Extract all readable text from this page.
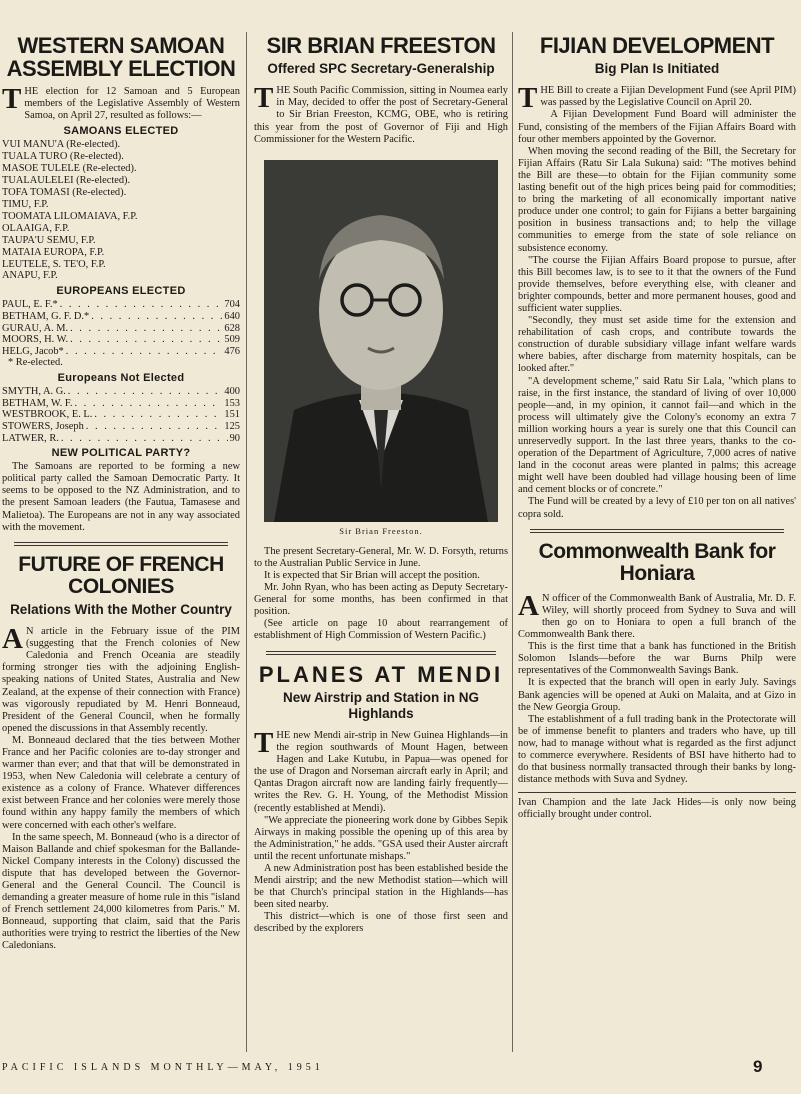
WESTERN SAMOAN ASSEMBLY ELECTION

THE election for 12 Samoan and 5 European members of the Legislative Assembly of Western Samoa, on April 27, resulted as follows:—

SAMOANS ELECTED
VUI MANU'A (Re-elected).
TUALA TURO (Re-elected).
MASOE TULELE (Re-elected).
TUALAULELEI (Re-elected).
TOFA TOMASI (Re-elected).
TIMU, F.P.
TOOMATA LILOMAIAVA, F.P.
OLAAIGA, F.P.
TAUPA'U SEMU, F.P.
MATAIA EUROPA, F.P.
LEUTELE, S. TE'O, F.P.
ANAPU, F.P.
EUROPEANS ELECTED
PAUL, E. F.* . . .	704
BETHAM, G. F. D.* . . .	640
GURAU, A. M. . . .	628
MOORS, H. W. . . .	509
HELG, Jacob* . . .	476
* Re-elected.
Europeans Not Elected
SMYTH, A. G. . . .	400
BETHAM, W. F. . . .	153
WESTBROOK, E. L. . . .	151
STOWERS, Joseph . . .	125
LATWER, R. . . .	90
NEW POLITICAL PARTY?

The Samoans are reported to be forming a new political party called the Samoan Democratic Party. It seems to be opposed to the NZ Administration, and to the present Samoan leaders (the Fautua, Tamasese and Malietoa). The Europeans are not in any way associated with the movement.

FUTURE OF FRENCH COLONIES
Relations With the Mother Country

A N article in the February issue of the PIM (suggesting that the French colonies of New Caledonia and French Oceania are steadily forming stronger ties with the adjoining English-speaking nations of United States, Australia and New Zealand, at the expense of their connection with France) was vigorously repudiated by M. Henri Bonneaud, President of the General Council, when he formally opened the discussions in that Assembly recently.

M. Bonneaud declared that the ties between Mother France and her Pacific colonies are to-day stronger and warmer than ever; and that that will be demonstrated in 1953, when New Caledonia will celebrate a century of existence as a colony of France. Whatever differences exist between France and her colonies were merely those found within any happy family the members of which were concerned with each other's welfare.

In the same speech, M. Bonneaud (who is a director of Maison Ballande and chief spokesman for the Ballande-Nickel Company interests in the Colony) discussed the dispute that has developed between the Governor-General and the General Council. The Council is demanding a greater measure of home rule in this "island of French settlement 24,000 kilometres from Paris." M. Bonneaud, supporting that claim, said that the Paris authorities were trying to restrict the liberties of the New Caledonians.

SIR BRIAN FREESTON
Offered SPC Secretary-Generalship

THE South Pacific Commission, sitting in Noumea early in May, decided to offer the post of Secretary-General to Sir Brian Freeston, KCMG, OBE, who is retiring this year from the post of Governor of Fiji and High Commissioner for the Western Pacific.

Sir Brian Freeston.

The present Secretary-General, Mr. W. D. Forsyth, returns to the Australian Public Service in June.

It is expected that Sir Brian will accept the position.

Mr. John Ryan, who has been acting as Deputy Secretary-General for some months, has been confirmed in that position.

(See article on page 10 about rearrangement of establishment of High Commission of Western Pacific.)

PLANES AT MENDI
New Airstrip and Station in NG Highlands

THE new Mendi air-strip in New Guinea Highlands—in the region southwards of Mount Hagen, between Hagen and Lake Kutubu, in Papua—was opened for the use of Dragon and Norseman aircraft early in April; and Qantas Dragon aircraft now are landing fairly frequently—writes the Rev. G. H. Young, of the Methodist Mission (recently established at Mendi).

"We appreciate the pioneering work done by Gibbes Sepik Airways in making possible the opening up of this area by the Administration," he adds. "GSA used their Auster aircraft until the recent unfortunate mishaps."

A new Administration post has been established beside the Mendi airstrip; and the new Methodist station—which will be that Church's principal station in the Highlands—has been sited nearby.

This district—which is one of those first seen and described by the explorers

FIJIAN DEVELOPMENT
Big Plan Is Initiated

THE Bill to create a Fijian Development Fund (see April PIM) was passed by the Legislative Council on April 20.

A Fijian Development Fund Board will administer the Fund, consisting of the members of the Fijian Affairs Board with four other members appointed by the Governor.

When moving the second reading of the Bill, the Secretary for Fijian Affairs (Ratu Sir Lala Sukuna) said: "The motives behind the Bill are these—to obtain for the Fijian community some lasting benefit out of the high prices being paid for commodities; to bring the marketing of all economically important native produce under one control; to gain for Fijians a better bargaining position in business transactions and; to help the village communities to emerge from the state of sole reliance on subsistence economy.

"The course the Fijian Affairs Board propose to pursue, after this Bill becomes law, is to see to it that the owners of the Fund provide themselves, before everything else, with cleaner and brighter compounds, better and more permanent houses, good and sufficient water supplies.

"Secondly, they must set aside time for the extension and rehabilitation of cash crops, and contribute towards the construction of durable subsidiary village infant welfare wards where babies, after discharge from maternity hospitals, can be looked after."

"A development scheme," said Ratu Sir Lala, "which plans to raise, in the first instance, the standard of living of over 10,000 people—and, in my opinion, it cannot fail—and which in the process will ultimately give the Colony's economy an extra 7 million working hours a year is surely one that this Council can unreservedly support. In the last three years, thanks to the co-operation of the Department of Agriculture, 7,000 acres of native land in the coconut areas were planted in palms; this acreage might well have been doubled had village housing been of lime and cement blocks or of concrete."

The Fund will be created by a levy of £10 per ton on all natives' copra sold.

Commonwealth Bank for Honiara

A N officer of the Commonwealth Bank of Australia, Mr. D. F. Wiley, will shortly proceed from Sydney to Suva and will then go on to Honiara to open a full branch of the Commonwealth Bank there.

This is the first time that a bank has functioned in the British Solomon Islands—before the war Burns Philp were representatives of the Commonwealth Savings Bank.

It is expected that the branch will open in early July. Savings Bank agencies will be opened at Auki on Malaita, and at Gizo in the New Georgia Group.

The establishment of a full trading bank in the Protectorate will be of immense benefit to planters and traders who have, up till now, had to manage without what is regarded as the first adjunct to commerce everywhere. Residents of BSI have hitherto had to do that business normally transacted through their banks by long-distance methods with Suva and Sydney.

Ivan Champion and the late Jack Hides—is only now being officially brought under control.

PACIFIC ISLANDS MONTHLY—MAY, 1951	9
